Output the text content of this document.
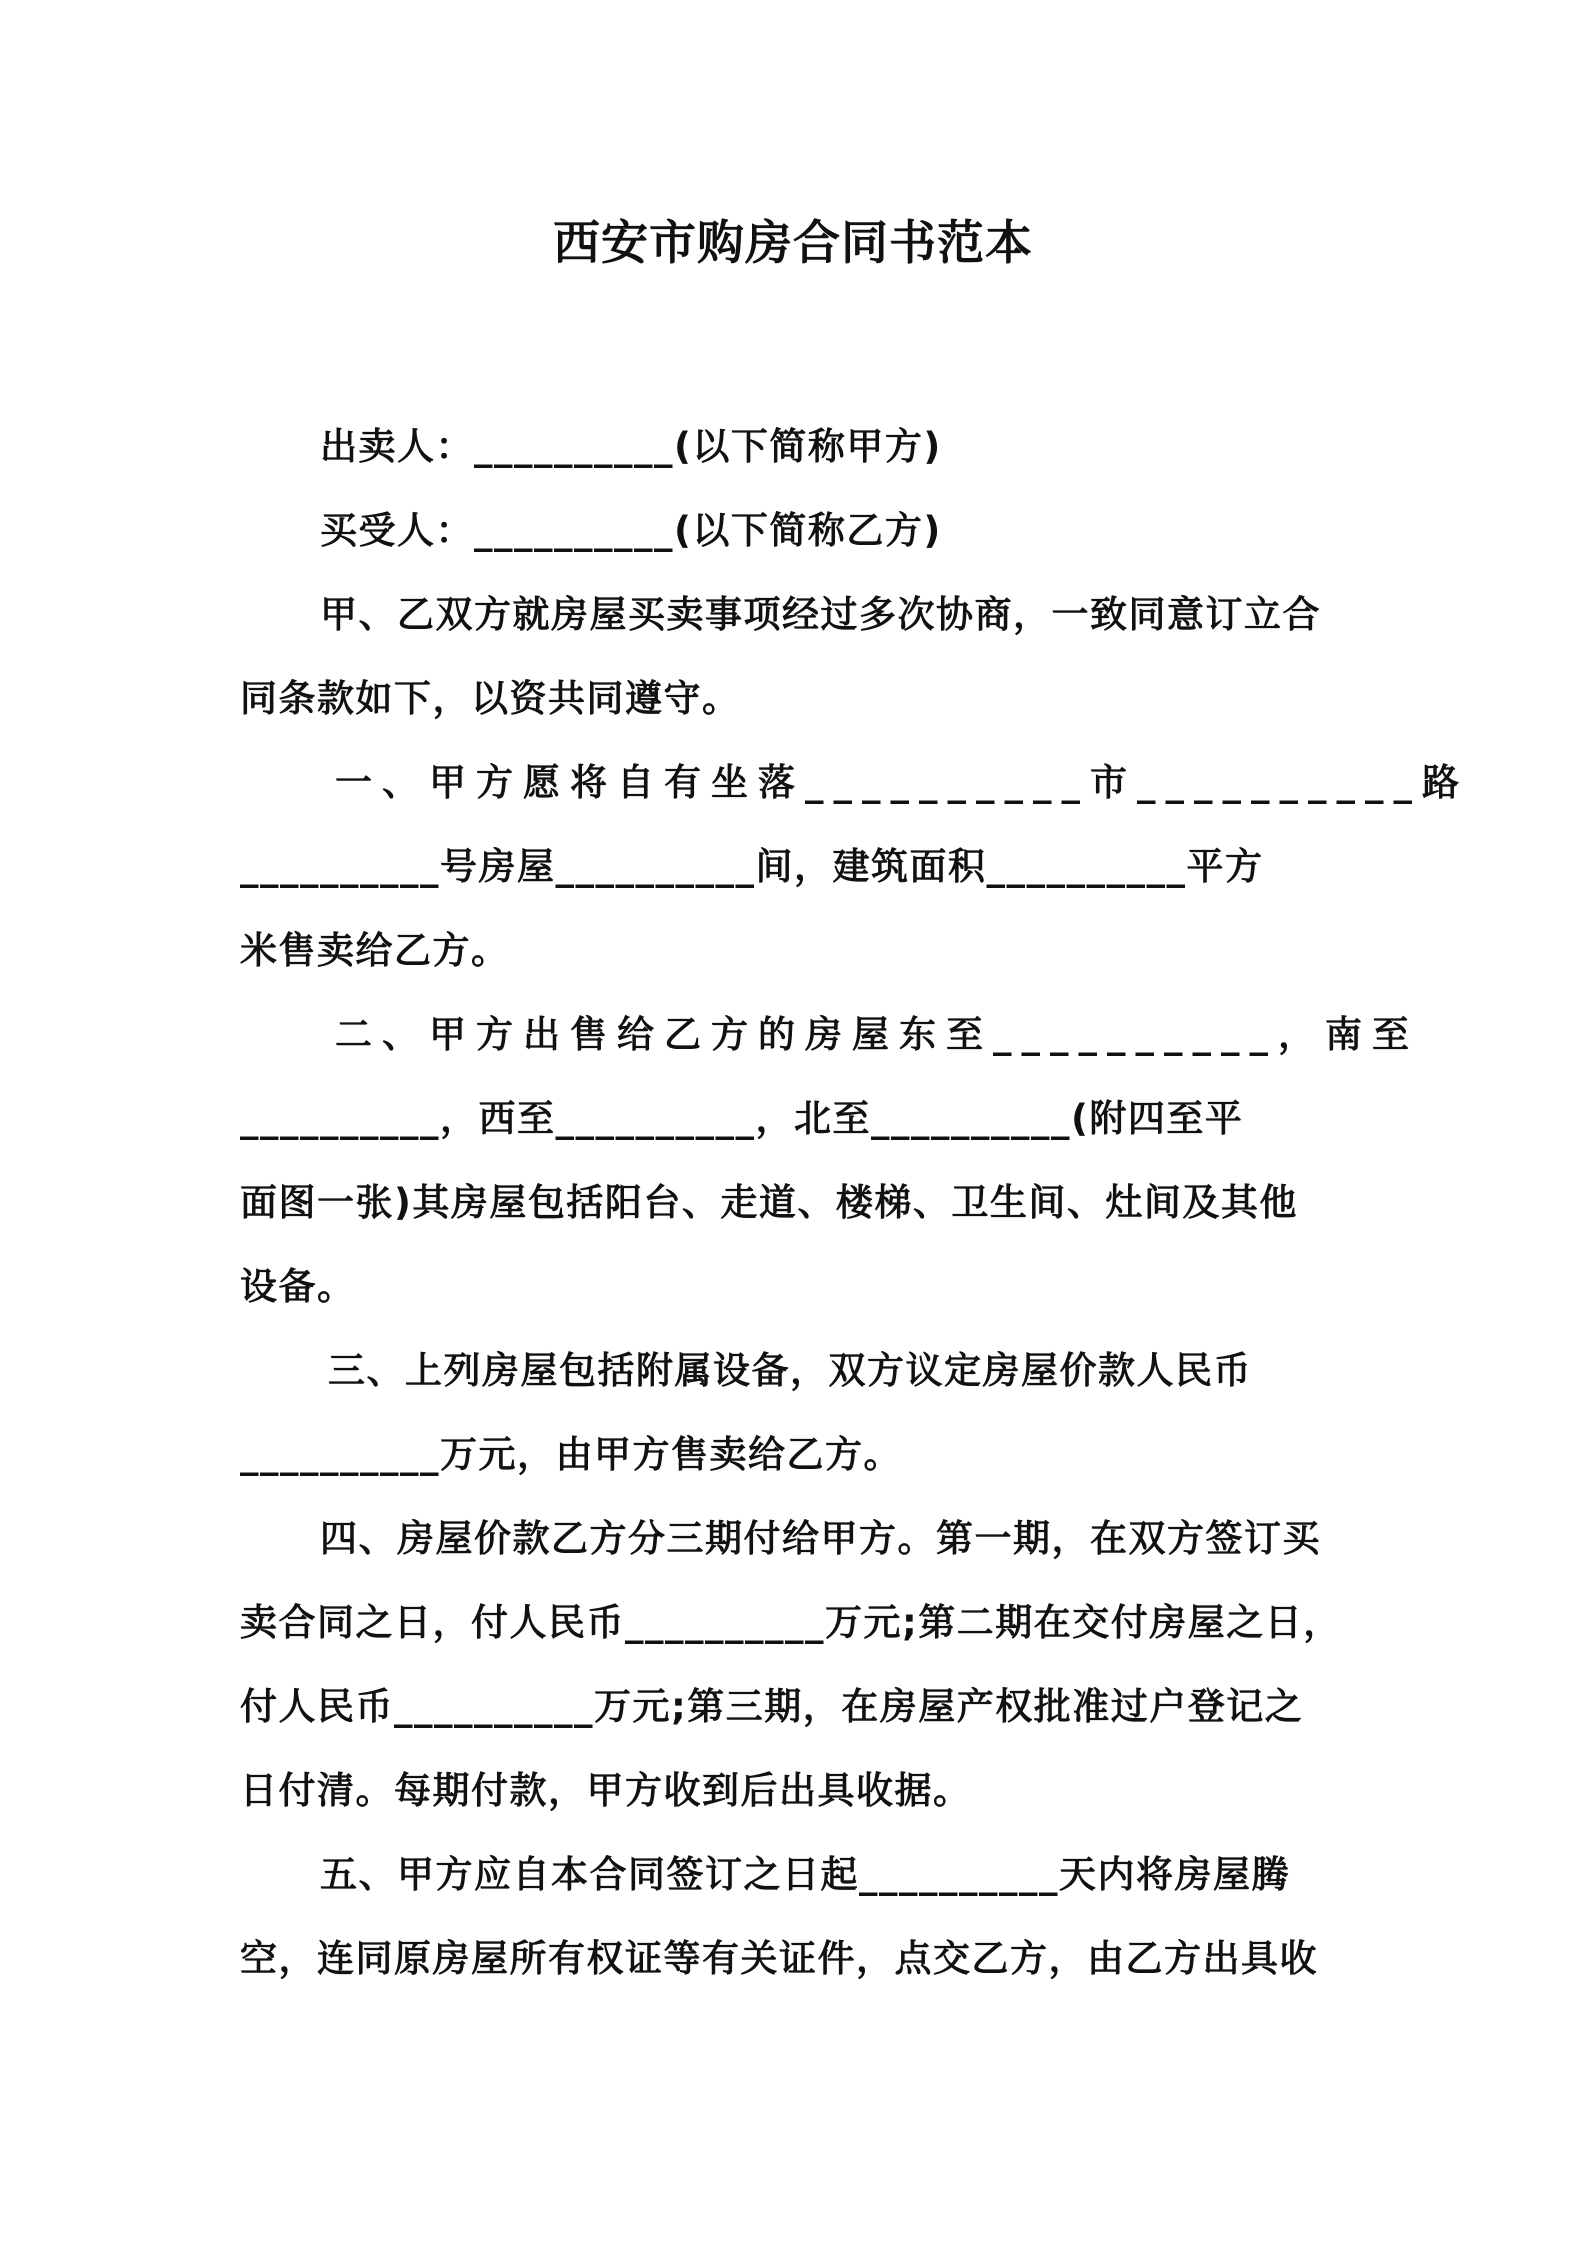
西安市购房合同书范本
出卖人：__________(以下简称甲方)
买受人：__________(以下简称乙方)
甲、乙双方就房屋买卖事项经过多次协商，一致同意订立合
同条款如下，以资共同遵守。
一、甲方愿将自有坐落__________市__________路
__________号房屋__________间，建筑面积__________平方
米售卖给乙方。
二、甲方出售给乙方的房屋东至__________，南至
__________，西至__________，北至__________(附四至平
面图一张)其房屋包括阳台、走道、楼梯、卫生间、灶间及其他
设备。
三、上列房屋包括附属设备，双方议定房屋价款人民币
__________万元，由甲方售卖给乙方。
四、房屋价款乙方分三期付给甲方。第一期，在双方签订买
卖合同之日，付人民币__________万元;第二期在交付房屋之日，
付人民币__________万元;第三期，在房屋产权批准过户登记之
日付清。每期付款，甲方收到后出具收据。
五、甲方应自本合同签订之日起__________天内将房屋腾
空，连同原房屋所有权证等有关证件，点交乙方，由乙方出具收
